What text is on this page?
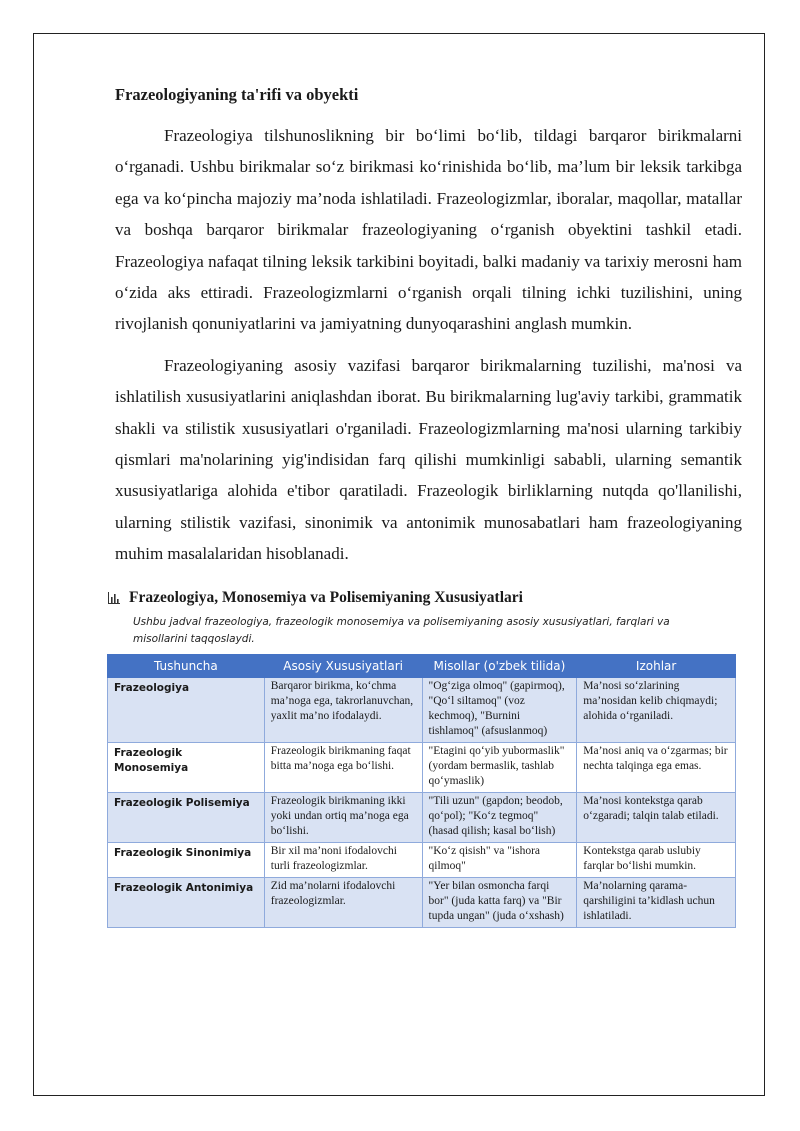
Frazeologiyaning ta'rifi va obyekti

Frazeologiya tilshunoslikning bir bo‘limi bo‘lib, tildagi barqaror birikmalarni o‘rganadi. Ushbu birikmalar so‘z birikmasi ko‘rinishida bo‘lib, ma’lum bir leksik tarkibga ega va ko‘pincha majoziy ma’noda ishlatiladi. Frazeologizmlar, iboralar, maqollar, matallar va boshqa barqaror birikmalar frazeologiyaning o‘rganish obyektini tashkil etadi. Frazeologiya nafaqat tilning leksik tarkibini boyitadi, balki madaniy va tarixiy merosni ham o‘zida aks ettiradi. Frazeologizmlarni o‘rganish orqali tilning ichki tuzilishini, uning rivojlanish qonuniyatlarini va jamiyatning dunyoqarashini anglash mumkin.

Frazeologiyaning asosiy vazifasi barqaror birikmalarning tuzilishi, ma'nosi va ishlatilish xususiyatlarini aniqlashdan iborat. Bu birikmalarning lug'aviy tarkibi, grammatik shakli va stilistik xususiyatlari o'rganiladi. Frazeologizmlarning ma'nosi ularning tarkibiy qismlari ma'nolarining yig'indisidan farq qilishi mumkinligi sababli, ularning semantik xususiyatlariga alohida e'tibor qaratiladi. Frazeologik birliklarning nutqda qo'llanilishi, ularning stilistik vazifasi, sinonimik va antonimik munosabatlari ham frazeologiyaning muhim masalalaridan hisoblanadi.

Frazeologiya, Monosemiya va Polisemiyaning Xususiyatlari
Ushbu jadval frazeologiya, frazeologik monosemiya va polisemiyaning asosiy xususiyatlari, farqlari va misollarini taqqoslaydi.
Tushuncha	Asosiy Xususiyatlari	Misollar (o'zbek tilida)	Izohlar
Frazeologiya	Barqaror birikma, ko‘chma ma’noga ega, takrorlanuvchan, yaxlit ma’no ifodalaydi.	"Og‘ziga olmoq" (gapirmoq), "Qo‘l siltamoq" (voz kechmoq), "Burnini tishlamoq" (afsuslanmoq)	Ma’nosi so‘zlarining ma’nosidan kelib chiqmaydi; alohida o‘rganiladi.
Frazeologik Monosemiya	Frazeologik birikmaning faqat bitta ma’noga ega bo‘lishi.	"Etagini qo‘yib yubormaslik" (yordam bermaslik, tashlab qo‘ymaslik)	Ma’nosi aniq va o‘zgarmas; bir nechta talqinga ega emas.
Frazeologik Polisemiya	Frazeologik birikmaning ikki yoki undan ortiq ma’noga ega bo‘lishi.	"Tili uzun" (gapdon; beodob, qo‘pol); "Ko‘z tegmoq" (hasad qilish; kasal bo‘lish)	Ma’nosi kontekstga qarab o‘zgaradi; talqin talab etiladi.
Frazeologik Sinonimiya	Bir xil ma’noni ifodalovchi turli frazeologizmlar.	"Ko‘z qisish" va "ishora qilmoq"	Kontekstga qarab uslubiy farqlar bo‘lishi mumkin.
Frazeologik Antonimiya	Zid ma’nolarni ifodalovchi frazeologizmlar.	"Yer bilan osmoncha farqi bor" (juda katta farq) va "Bir tupda ungan" (juda o‘xshash)	Ma’nolarning qarama-qarshiligini ta’kidlash uchun ishlatiladi.
